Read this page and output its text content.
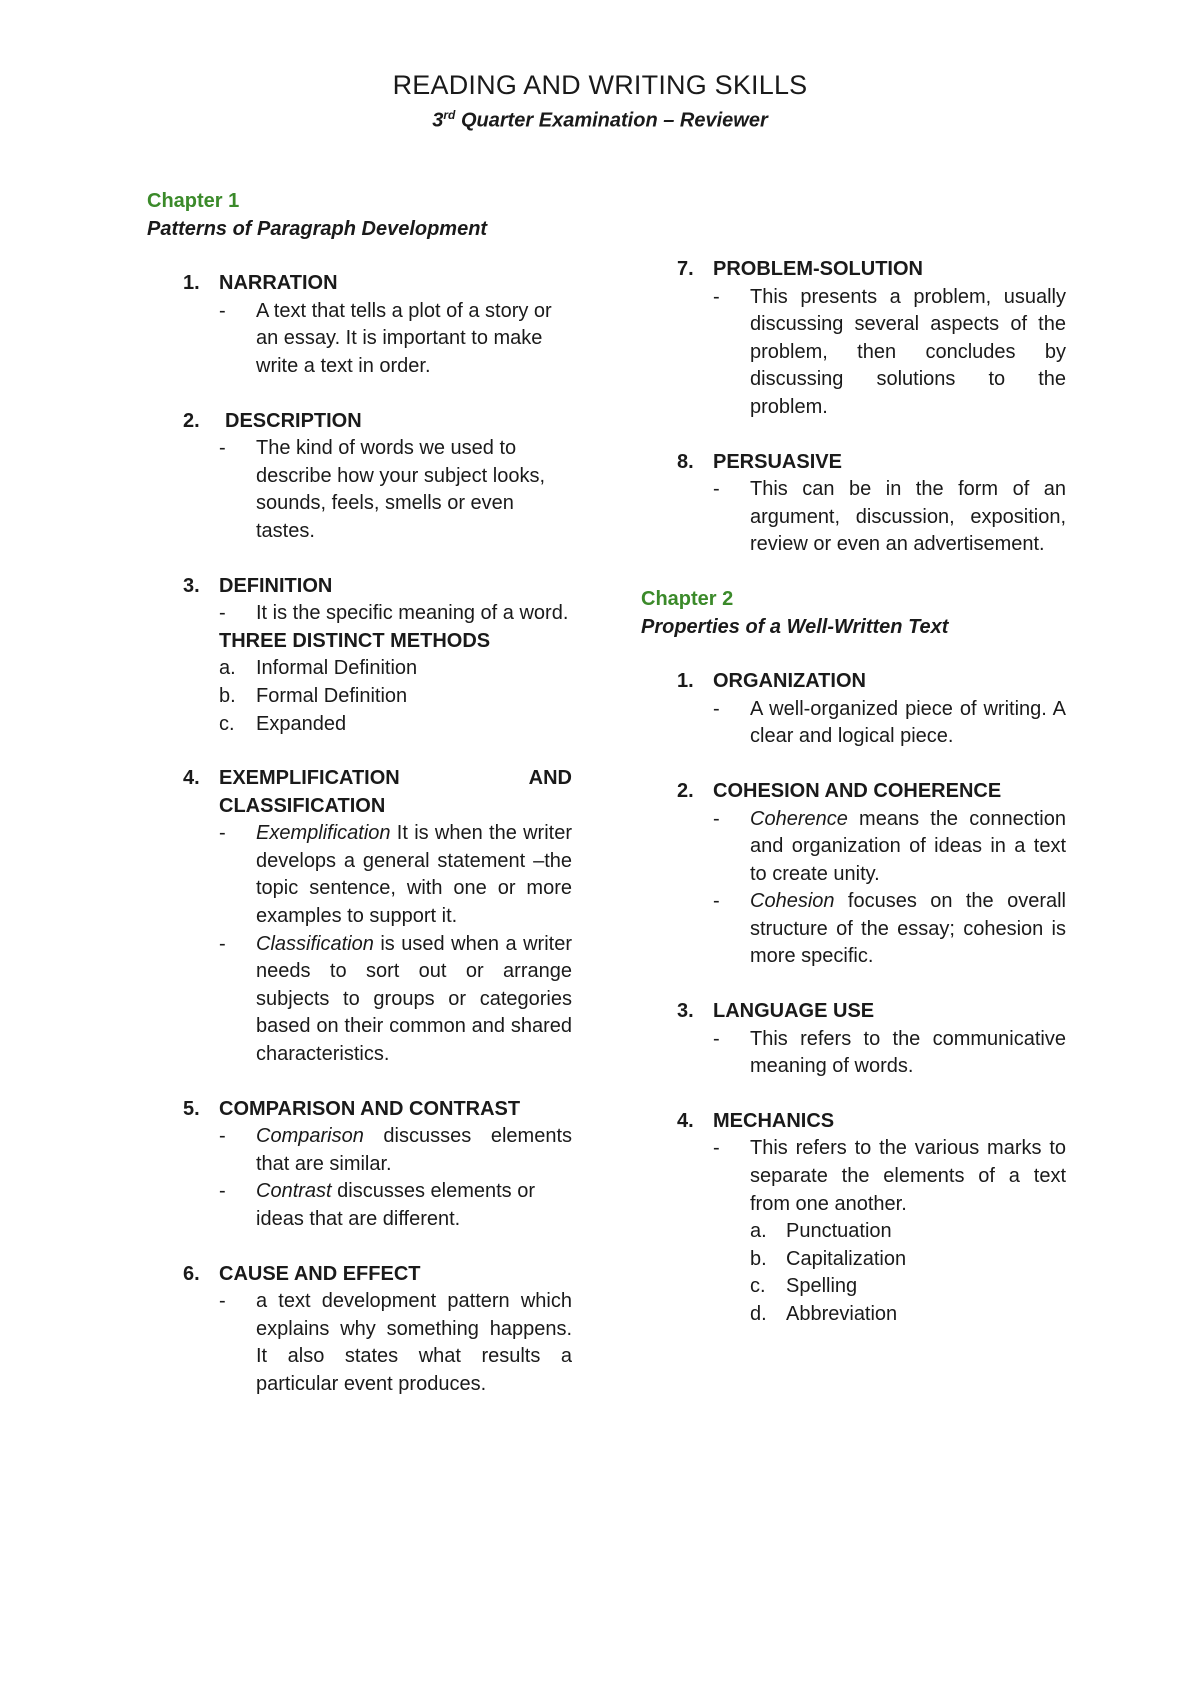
READING AND WRITING SKILLS
3rd Quarter Examination – Reviewer
Chapter 1
Patterns of Paragraph Development
1. NARRATION
- A text that tells a plot of a story or an essay. It is important to make write a text in order.
2.	DESCRIPTION
- The kind of words we used to describe how your subject looks, sounds, feels, smells or even tastes.
3. DEFINITION
- It is the specific meaning of a word.
THREE DISTINCT METHODS
a. Informal Definition
b. Formal Definition
c. Expanded
4. EXEMPLIFICATION AND CLASSIFICATION
- Exemplification It is when the writer develops a general statement –the topic sentence, with one or more examples to support it.
- Classification is used when a writer needs to sort out or arrange subjects to groups or categories based on their common and shared characteristics.
5. COMPARISON AND CONTRAST
- Comparison discusses elements that are similar.
- Contrast discusses elements or ideas that are different.
6. CAUSE AND EFFECT
- a text development pattern which explains why something happens. It also states what results a particular event produces.
7. PROBLEM-SOLUTION
- This presents a problem, usually discussing several aspects of the problem, then concludes by discussing solutions to the problem.
8. PERSUASIVE
- This can be in the form of an argument, discussion, exposition, review or even an advertisement.
Chapter 2
Properties of a Well-Written Text
1. ORGANIZATION
- A well-organized piece of writing. A clear and logical piece.
2. COHESION AND COHERENCE
- Coherence means the connection and organization of ideas in a text to create unity.
- Cohesion focuses on the overall structure of the essay; cohesion is more specific.
3. LANGUAGE USE
- This refers to the communicative meaning of words.
4. MECHANICS
- This refers to the various marks to separate the elements of a text from one another.
a. Punctuation
b. Capitalization
c. Spelling
d. Abbreviation
